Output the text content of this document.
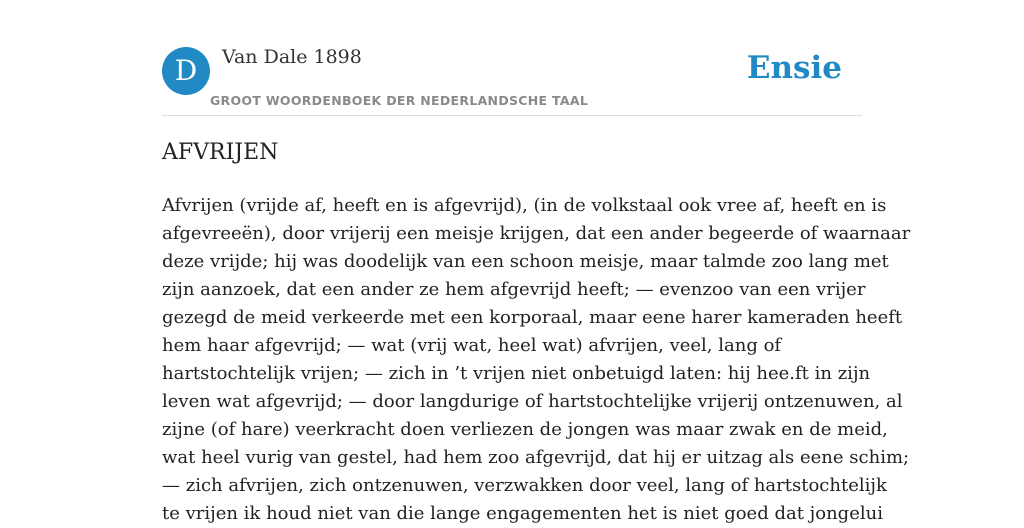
D Van Dale 1898
GROOT WOORDENBOEK DER NEDERLANDSCHE TAAL
Ensie
AFVRIJEN

Afvrijen (vrijde af, heeft en is afgevrijd), (in de volkstaal ook vree af, heeft en is
afgevreeën), door vrijerij een meisje krijgen, dat een ander begeerde of waarnaar
deze vrijde; hij was doodelijk van een schoon meisje, maar talmde zoo lang met
zijn aanzoek, dat een ander ze hem afgevrijd heeft; — evenzoo van een vrijer
gezegd de meid verkeerde met een korporaal, maar eene harer kameraden heeft
hem haar afgevrijd; — wat (vrij wat, heel wat) afvrijen, veel, lang of
hartstochtelijk vrijen; — zich in ’t vrijen niet onbetuigd laten: hij hee.ft in zijn
leven wat afgevrijd; — door langdurige of hartstochtelijke vrijerij ontzenuwen, al
zijne (of hare) veerkracht doen verliezen de jongen was maar zwak en de meid,
wat heel vurig van gestel, had hem zoo afgevrijd, dat hij er uitzag als eene schim;
— zich afvrijen, zich ontzenuwen, verzwakken door veel, lang of hartstochtelijk
te vrijen ik houd niet van die lange engagementen het is niet goed dat jongelui
